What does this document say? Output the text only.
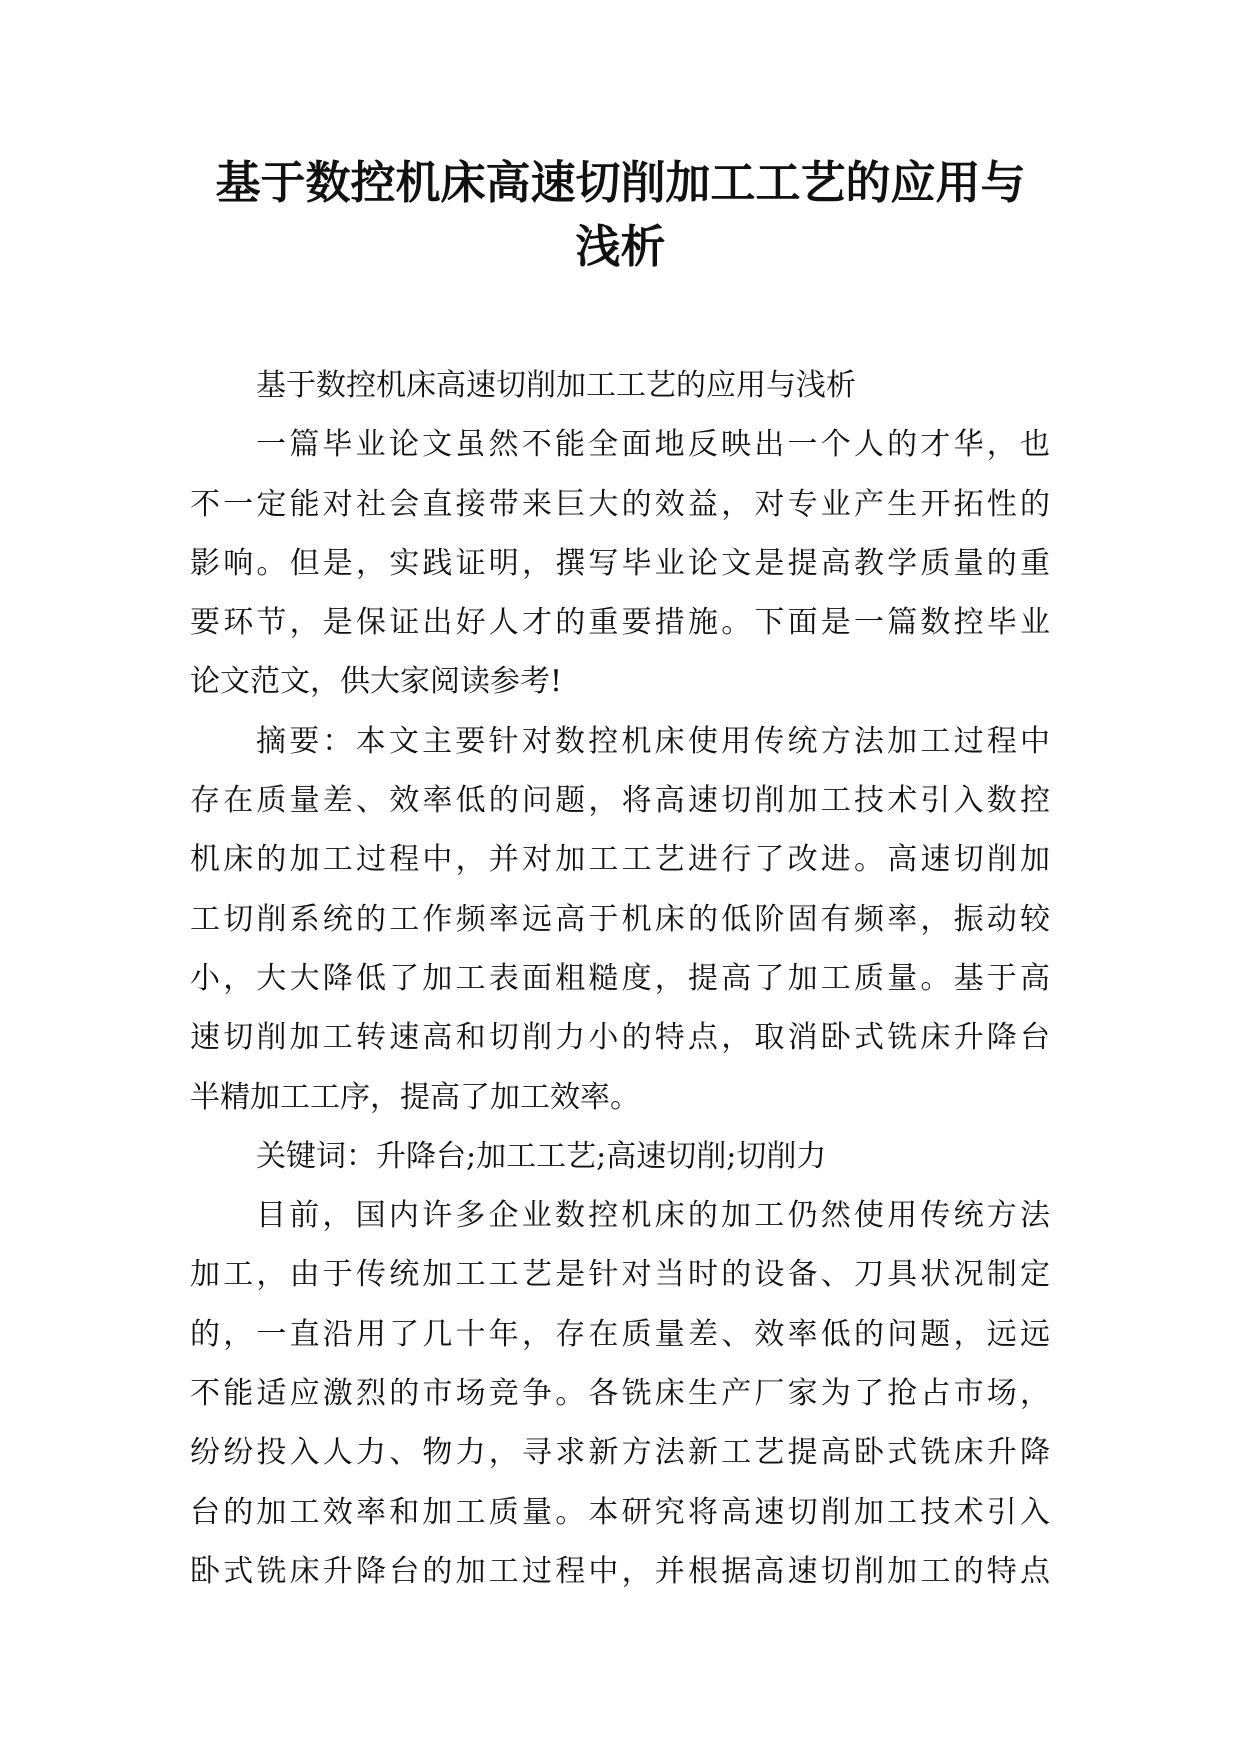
基于数控机床高速切削加工工艺的应用与
浅析
基于数控机床高速切削加工工艺的应用与浅析
一篇毕业论文虽然不能全面地反映出一个人的才华，也
不一定能对社会直接带来巨大的效益，对专业产生开拓性的
影响。但是，实践证明，撰写毕业论文是提高教学质量的重
要环节，是保证出好人才的重要措施。下面是一篇数控毕业
论文范文，供大家阅读参考!
摘要：本文主要针对数控机床使用传统方法加工过程中
存在质量差、效率低的问题，将高速切削加工技术引入数控
机床的加工过程中，并对加工工艺进行了改进。高速切削加
工切削系统的工作频率远高于机床的低阶固有频率，振动较
小，大大降低了加工表面粗糙度，提高了加工质量。基于高
速切削加工转速高和切削力小的特点，取消卧式铣床升降台
半精加工工序，提高了加工效率。
关键词：升降台;加工工艺;高速切削;切削力
目前，国内许多企业数控机床的加工仍然使用传统方法
加工，由于传统加工工艺是针对当时的设备、刀具状况制定
的，一直沿用了几十年，存在质量差、效率低的问题，远远
不能适应激烈的市场竞争。各铣床生产厂家为了抢占市场，
纷纷投入人力、物力，寻求新方法新工艺提高卧式铣床升降
台的加工效率和加工质量。本研究将高速切削加工技术引入
卧式铣床升降台的加工过程中，并根据高速切削加工的特点
